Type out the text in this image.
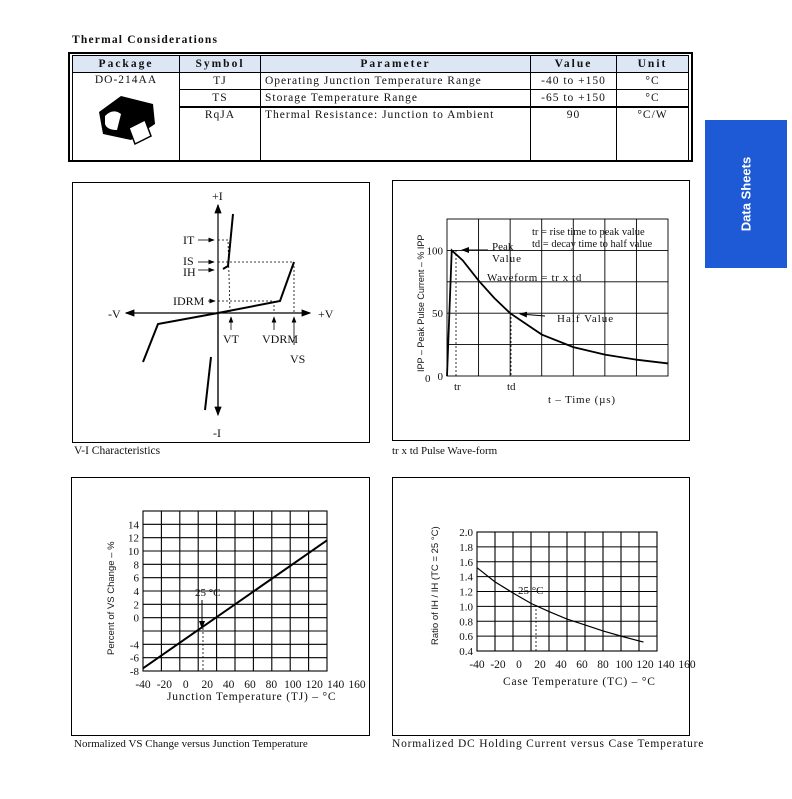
Thermal Considerations
Package	Symbol	Parameter	Value	Unit

DO-214AA	TJ	Operating Junction Temperature Range	-40 to +150	°C
	TS	Storage Temperature Range	-65 to +150	°C
	RqJA	Thermal Resistance: Junction to Ambient	90	°C/W
Data Sheets
V-I Characteristics	tr x td Pulse Wave-form
Normalized VS Change versus Junction Temperature	Normalized DC Holding Current versus Case Temperature
+I
-I
-V	+V
IT
IS
IH
IDRM
VT VDRM
VS
0
50
100
0
tr	td
t – Time (µs)
tr = rise time to peak value
td = decay time to half value
Peak
Value
Waveform = tr x td
Half Value
IPP – Peak Pulse Current – % IPP
-40 -20 0 20 40 60 80 100 120 140 160
14
12
10
8
6
4
2
0
-4
-6
-8
Junction Temperature (TJ) – °C
Percent of VS Change – %	25 °C
-40 -20 0 20 40 60 80 100 120 140 160
2.0
1.8
1.6
1.4
1.2
1.0
0.8
0.6
0.4
Case Temperature (TC) – °C
Ratio of IH / IH (TC = 25 °C)	25 °C
